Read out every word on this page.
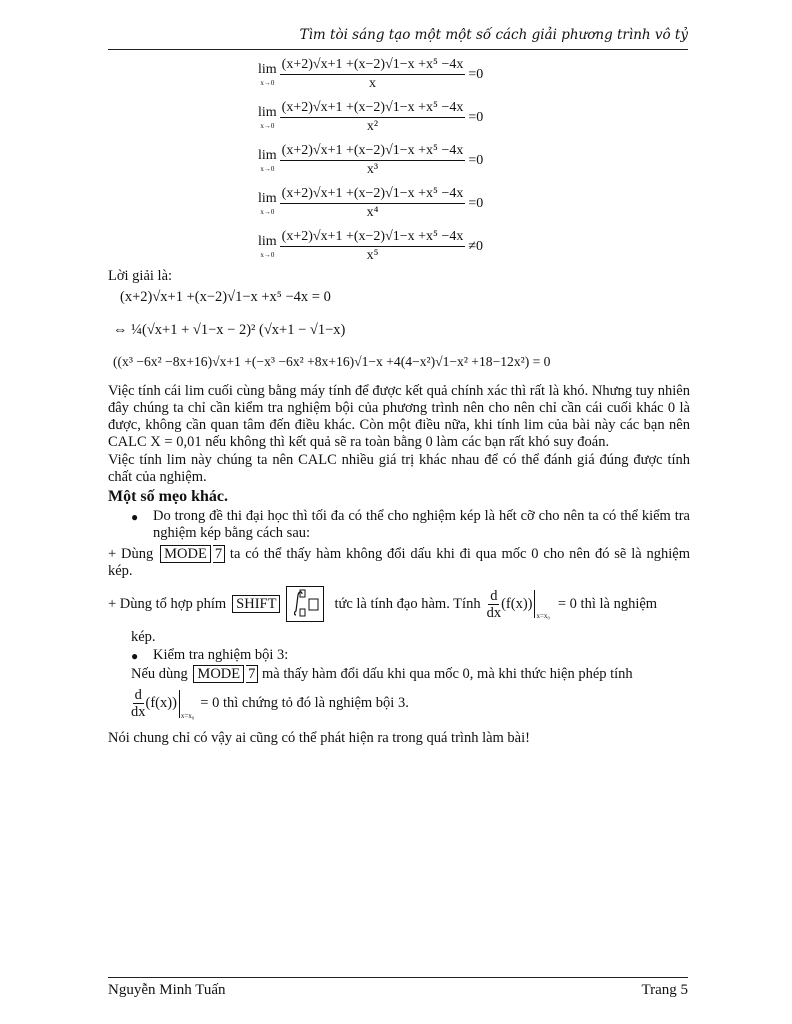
Tìm tòi sáng tạo một một số cách giải phương trình vô tỷ
lim
$x\to 0 \frac{\text{(x+2)√x+1 +(x−2)√1−x +x⁵ −4x}}{x} =0$
lim
$x\to 0 \frac{\text{(x+2)√x+1 +(x−2)√1−x +x⁵ −4x}}{\text{x²}} =0$
lim
$x\to 0 \frac{\text{(x+2)√x+1 +(x−2)√1−x +x⁵ −4x}}{\text{x³}} =0$
lim
$x\to 0 \frac{\text{(x+2)√x+1 +(x−2)√1−x +x⁵ −4x}}{\text{x⁴}} =0$
lim
$x\to 0 \frac{\text{(x+2)√x+1 +(x−2)√1−x +x⁵ −4x}}{\text{x⁵}} \ne 0$
Lời giải là:
(x+2)√x+1 +(x−2)√1−x +x⁵ −4x = 0
⇔ ¼(√x+1 + √1−x − 2)² (√x+1 − √1−x)
((x³ −6x² −8x+16)√x+1 +(−x³ −6x² +8x+16)√1−x +4(4−x²)√1−x² +18−12x²) = 0
Việc tính cái lim cuối cùng bằng máy tính để được kết quả chính xác thì rất là khó. Nhưng tuy nhiên đây chúng ta chỉ cần kiểm tra nghiệm bội của phương trình nên cho nên chỉ cần cái cuối khác 0 là được, không cần quan tâm đến điều khác. Còn một điều nữa, khi tính lim của bài này các bạn nên CALC X = 0,01 nếu không thì kết quả sẽ ra toàn bằng 0 làm các bạn rất khó suy đoán.
Việc tính lim này chúng ta nên CALC nhiều giá trị khác nhau để có thể đánh giá đúng được tính chất của nghiệm.
Một số mẹo khác.
● Do trong đề thi đại học thì tối đa có thể cho nghiệm kép là hết cỡ cho nên ta có thể kiểm tra nghiệm kép bằng cách sau:
+ Dùng MODE 7 ta có thể thấy hàm không đổi dấu khi đi qua mốc 0 cho nên đó sẽ là nghiệm kép.
+ Dùng tổ hợp phím SHIFT	tức là tính đạo hàm. Tính $\frac{d}{dx} (f(x))$
x=x₀
= 0 thì là nghiệm
kép.
● Kiểm tra nghiệm bội 3:
Nếu dùng MODE 7 mà thấy hàm đổi dấu khi qua mốc 0, mà khi thức hiện phép tính
$\frac{d}{dx} (f(x))$
x=x₀
= 0 thì chứng tỏ đó là nghiệm bội 3.
Nói chung chỉ có vậy ai cũng có thể phát hiện ra trong quá trình làm bài!
Nguyễn Minh Tuấn	Trang 5
